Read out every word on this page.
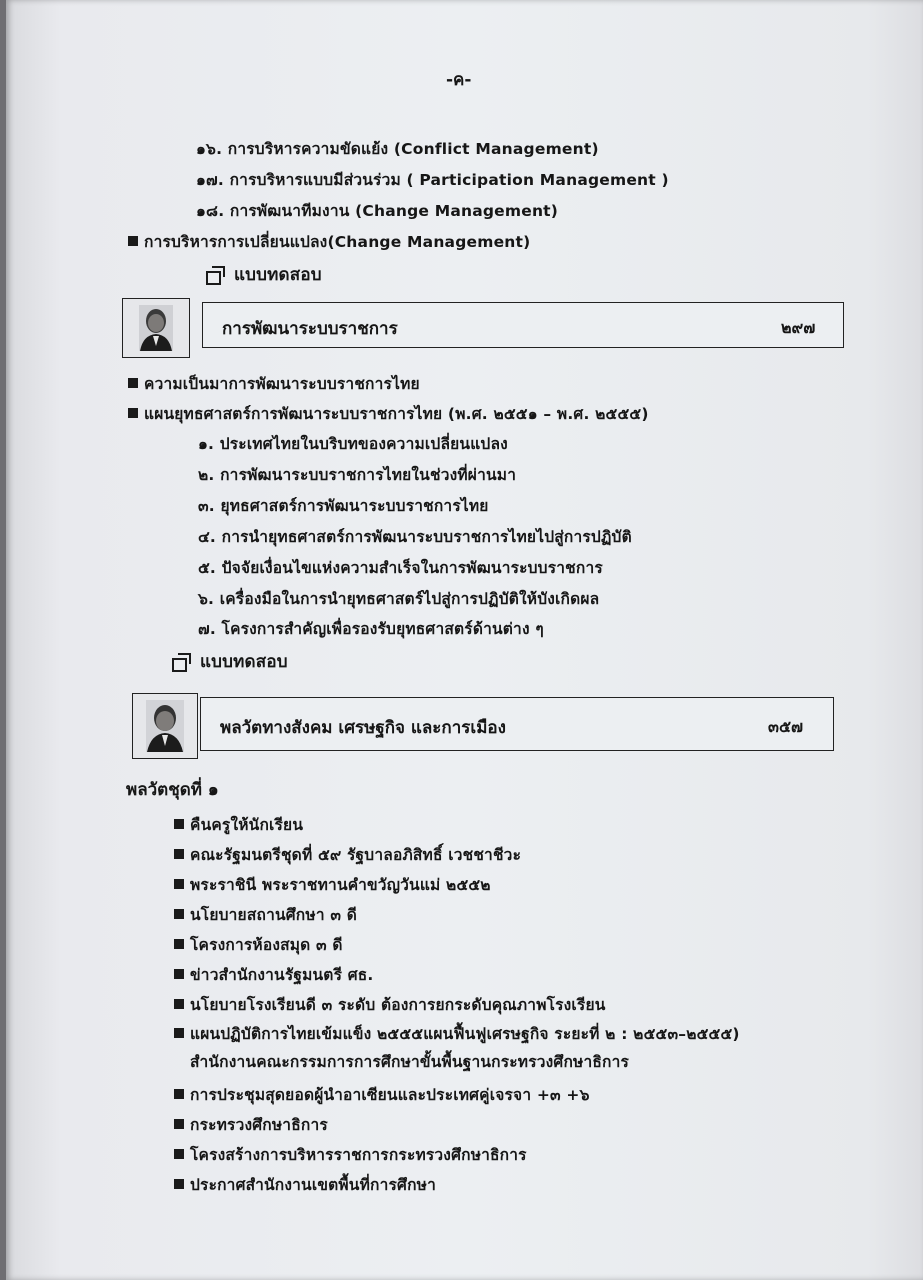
-ค-
๑๖. การบริหารความขัดแย้ง (Conflict Management)
๑๗. การบริหารแบบมีส่วนร่วม ( Participation Management )
๑๘. การพัฒนาทีมงาน (Change Management)
การบริหารการเปลี่ยนแปลง(Change Management)
แบบทดสอบ
การพัฒนาระบบราชการ	๒๙๗
ความเป็นมาการพัฒนาระบบราชการไทย
แผนยุทธศาสตร์การพัฒนาระบบราชการไทย (พ.ศ. ๒๕๕๑ – พ.ศ. ๒๕๕๕)
๑. ประเทศไทยในบริบทของความเปลี่ยนแปลง
๒. การพัฒนาระบบราชการไทยในช่วงที่ผ่านมา
๓. ยุทธศาสตร์การพัฒนาระบบราชการไทย
๔. การนำยุทธศาสตร์การพัฒนาระบบราชการไทยไปสู่การปฏิบัติ
๕. ปัจจัยเงื่อนไขแห่งความสำเร็จในการพัฒนาระบบราชการ
๖. เครื่องมือในการนำยุทธศาสตร์ไปสู่การปฏิบัติให้บังเกิดผล
๗. โครงการสำคัญเพื่อรองรับยุทธศาสตร์ด้านต่าง ๆ
แบบทดสอบ
พลวัตทางสังคม เศรษฐกิจ และการเมือง	๓๕๗
พลวัตชุดที่ ๑
คืนครูให้นักเรียน
คณะรัฐมนตรีชุดที่ ๕๙ รัฐบาลอภิสิทธิ์ เวชชาชีวะ
พระราชินี พระราชทานคำขวัญวันแม่ ๒๕๕๒
นโยบายสถานศึกษา ๓ ดี
โครงการห้องสมุด ๓ ดี
ข่าวสำนักงานรัฐมนตรี ศธ.
นโยบายโรงเรียนดี ๓ ระดับ ต้องการยกระดับคุณภาพโรงเรียน
แผนปฏิบัติการไทยเข้มแข็ง ๒๕๕๕แผนฟื้นฟูเศรษฐกิจ ระยะที่ ๒ : ๒๕๕๓–๒๕๕๕)
สำนักงานคณะกรรมการการศึกษาขั้นพื้นฐานกระทรวงศึกษาธิการ
การประชุมสุดยอดผู้นำอาเซียนและประเทศคู่เจรจา +๓ +๖
กระทรวงศึกษาธิการ
โครงสร้างการบริหารราชการกระทรวงศึกษาธิการ
ประกาศสำนักงานเขตพื้นที่การศึกษา
